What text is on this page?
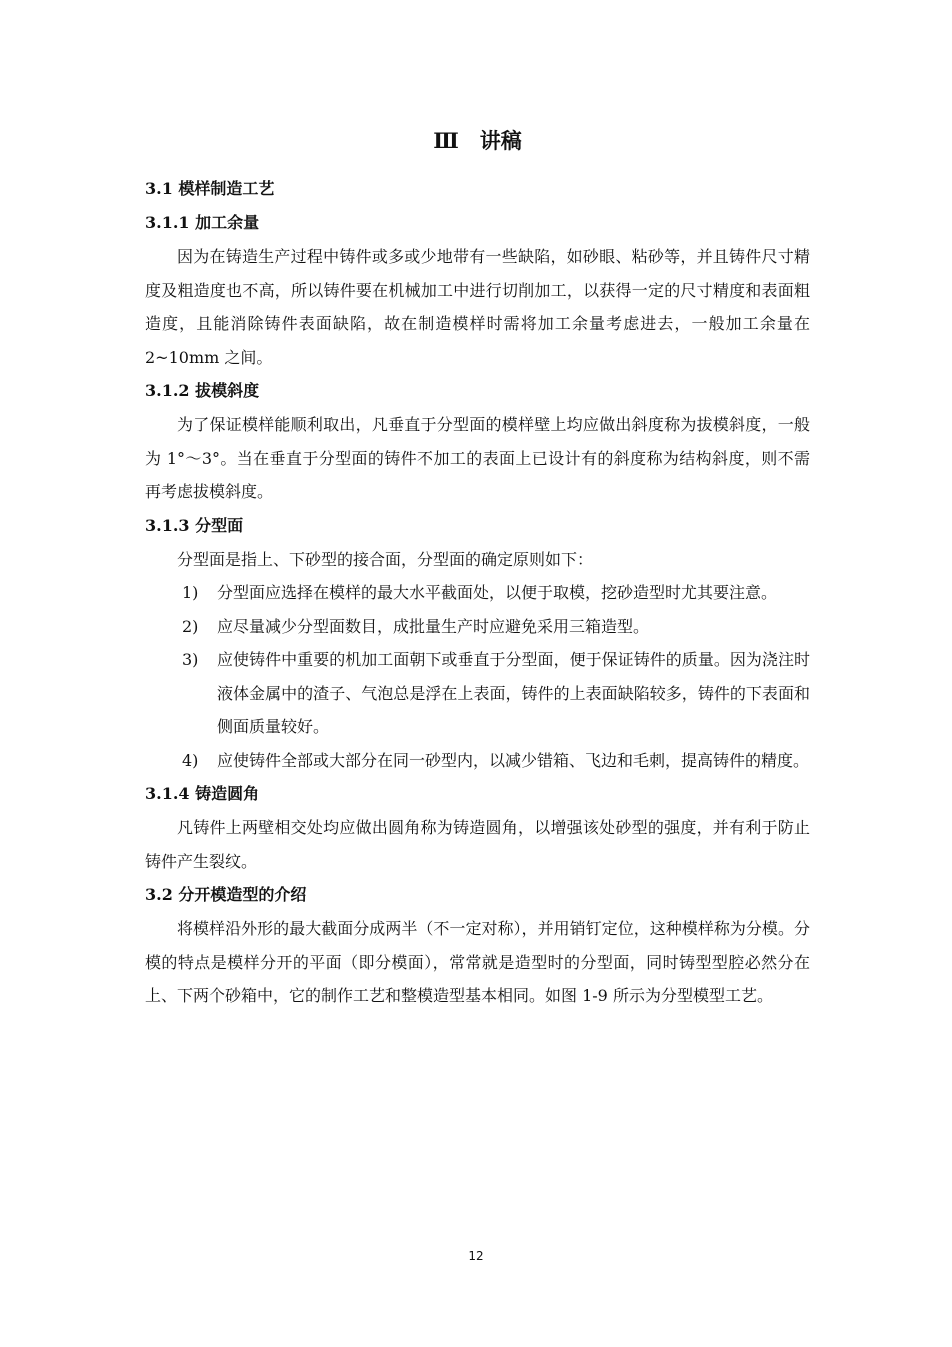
Ⅲ　讲稿
3.1 模样制造工艺
3.1.1 加工余量
因为在铸造生产过程中铸件或多或少地带有一些缺陷，如砂眼、粘砂等，并且铸件尺寸精度及粗造度也不高，所以铸件要在机械加工中进行切削加工，以获得一定的尺寸精度和表面粗造度，且能消除铸件表面缺陷，故在制造模样时需将加工余量考虑进去，一般加工余量在 2~10mm 之间。
3.1.2 拔模斜度
为了保证模样能顺利取出，凡垂直于分型面的模样壁上均应做出斜度称为拔模斜度，一般为 1°～3°。当在垂直于分型面的铸件不加工的表面上已设计有的斜度称为结构斜度，则不需再考虑拔模斜度。
3.1.3 分型面
分型面是指上、下砂型的接合面，分型面的确定原则如下：
1) 分型面应选择在模样的最大水平截面处，以便于取模，挖砂造型时尤其要注意。
2) 应尽量减少分型面数目，成批量生产时应避免采用三箱造型。
3) 应使铸件中重要的机加工面朝下或垂直于分型面，便于保证铸件的质量。因为浇注时液体金属中的渣子、气泡总是浮在上表面，铸件的上表面缺陷较多，铸件的下表面和侧面质量较好。
4) 应使铸件全部或大部分在同一砂型内，以减少错箱、飞边和毛刺，提高铸件的精度。
3.1.4 铸造圆角
凡铸件上两壁相交处均应做出圆角称为铸造圆角，以增强该处砂型的强度，并有利于防止铸件产生裂纹。
3.2 分开模造型的介绍
将模样沿外形的最大截面分成两半（不一定对称），并用销钉定位，这种模样称为分模。分模的特点是模样分开的平面（即分模面），常常就是造型时的分型面，同时铸型型腔必然分在上、下两个砂箱中，它的制作工艺和整模造型基本相同。如图 1-9 所示为分型模型工艺。
12
